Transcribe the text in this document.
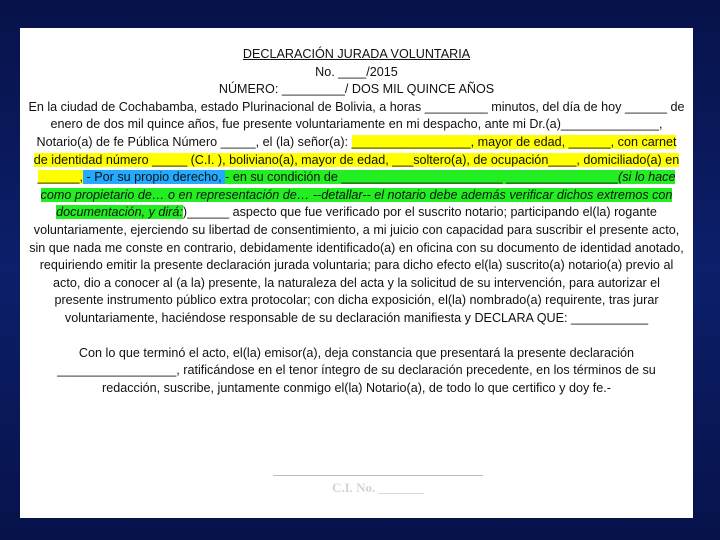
DECLARACIÓN JURADA VOLUNTARIA

No. ____/2015

NÚMERO: _________/ DOS MIL QUINCE AÑOS

En la ciudad de Cochabamba, estado Plurinacional de Bolivia, a horas _________ minutos, del día de hoy ______ de enero de dos mil quince años, fue presente voluntariamente en mi despacho, ante mi Dr.(a)______________, Notario(a) de fe Pública Número _____, el (la) señor(a): _________________, mayor de edad, ______, con carnet de identidad número _____ (C.I. ), boliviano(a), mayor de edad, ___soltero(a), de ocupación____, domiciliado(a) en ______, - Por su propio derecho, - en su condición de _______________________ ________________(si lo hace como propietario de… o en representación de… --detallar-- el notario debe además verificar dichos extremos con documentación, y dirá:)______ aspecto que fue verificado por el suscrito notario; participando el(la) rogante voluntariamente, ejerciendo su libertad de consentimiento, a mi juicio con capacidad para suscribir el presente acto, sin que nada me conste en contrario, debidamente identificado(a) en oficina con su documento de identidad anotado, requiriendo emitir la presente declaración jurada voluntaria; para dicho efecto el(la) suscrito(a) notario(a) previo al acto, dio a conocer al (a la) presente, la naturaleza del acta y la solicitud de su intervención, para autorizar el presente instrumento público extra protocolar; con dicha exposición, el(la) nombrado(a) requirente, tras jurar voluntariamente, haciéndose responsable de su declaración manifiesta y DECLARA QUE: ___________

Con lo que terminó el acto, el(la) emisor(a), deja constancia que presentará la presente declaración _________________, ratificándose en el tenor íntegro de su declaración precedente, en los términos de su redacción, suscribe, juntamente conmigo el(la) Notario(a), de todo lo que certifico y doy fe.-

C.I. No. _______
